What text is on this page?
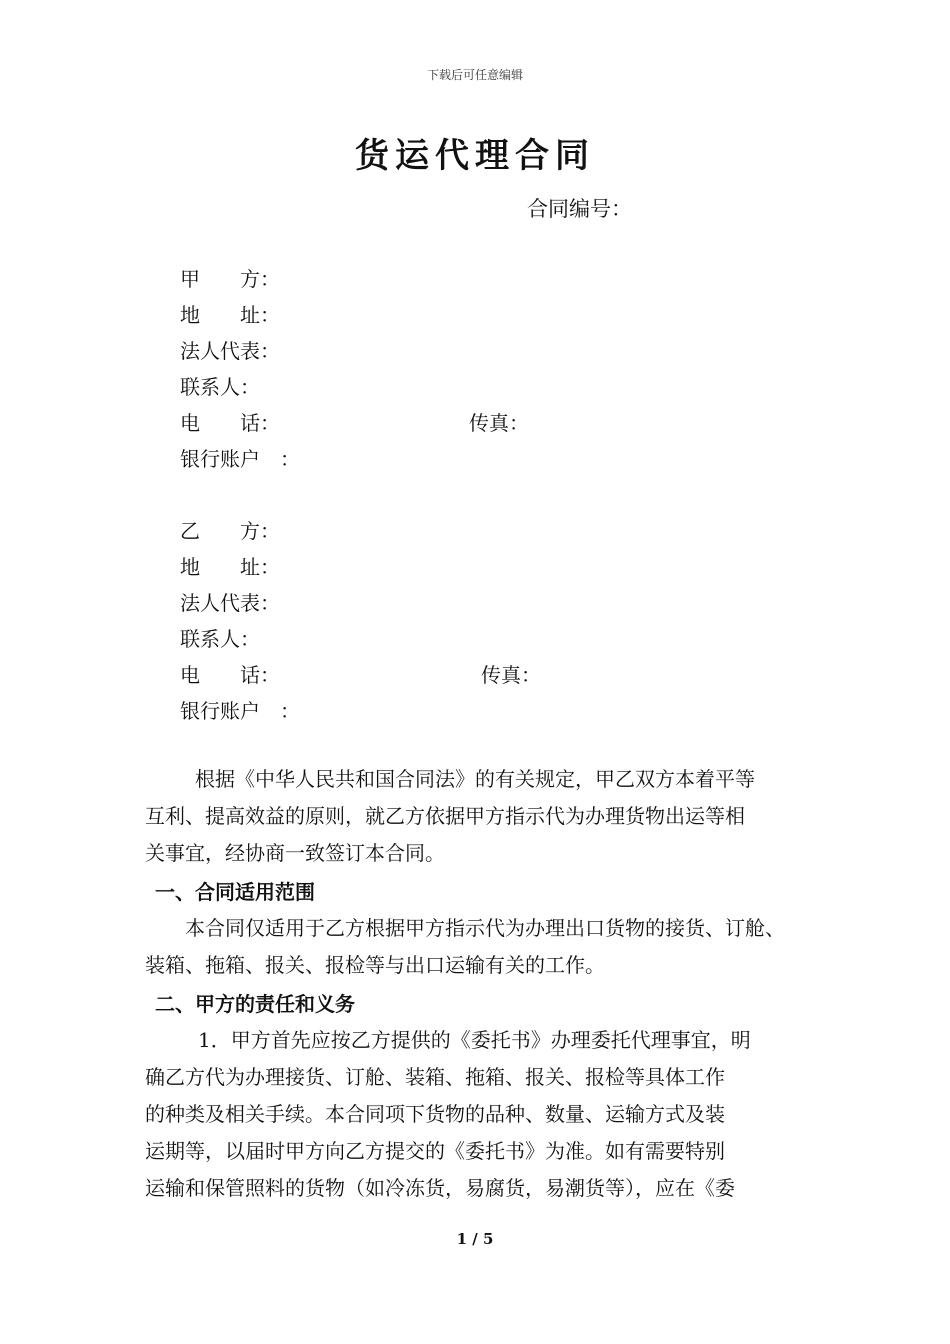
下载后可任意编辑
货运代理合同
合同编号：
甲　　方：
地　　址：
法人代表：
联系人：
电　　话：	传真：
银行账户　：
乙　　方：
地　　址：
法人代表：
联系人：
电　　话：	传真：
银行账户　：
　根据《中华人民共和国合同法》的有关规定，甲乙双方本着平等
互利、提高效益的原则，就乙方依据甲方指示代为办理货物出运等相
关事宜，经协商一致签订本合同。
一、合同适用范围
本合同仅适用于乙方根据甲方指示代为办理出口货物的接货、订舱、
装箱、拖箱、报关、报检等与出口运输有关的工作。
二、甲方的责任和义务
1．甲方首先应按乙方提供的《委托书》办理委托代理事宜，明
确乙方代为办理接货、订舱、装箱、拖箱、报关、报检等具体工作
的种类及相关手续。本合同项下货物的品种、数量、运输方式及装
运期等，以届时甲方向乙方提交的《委托书》为准。如有需要特别
运输和保管照料的货物（如冷冻货，易腐货，易潮货等），应在《委
1 / 5
